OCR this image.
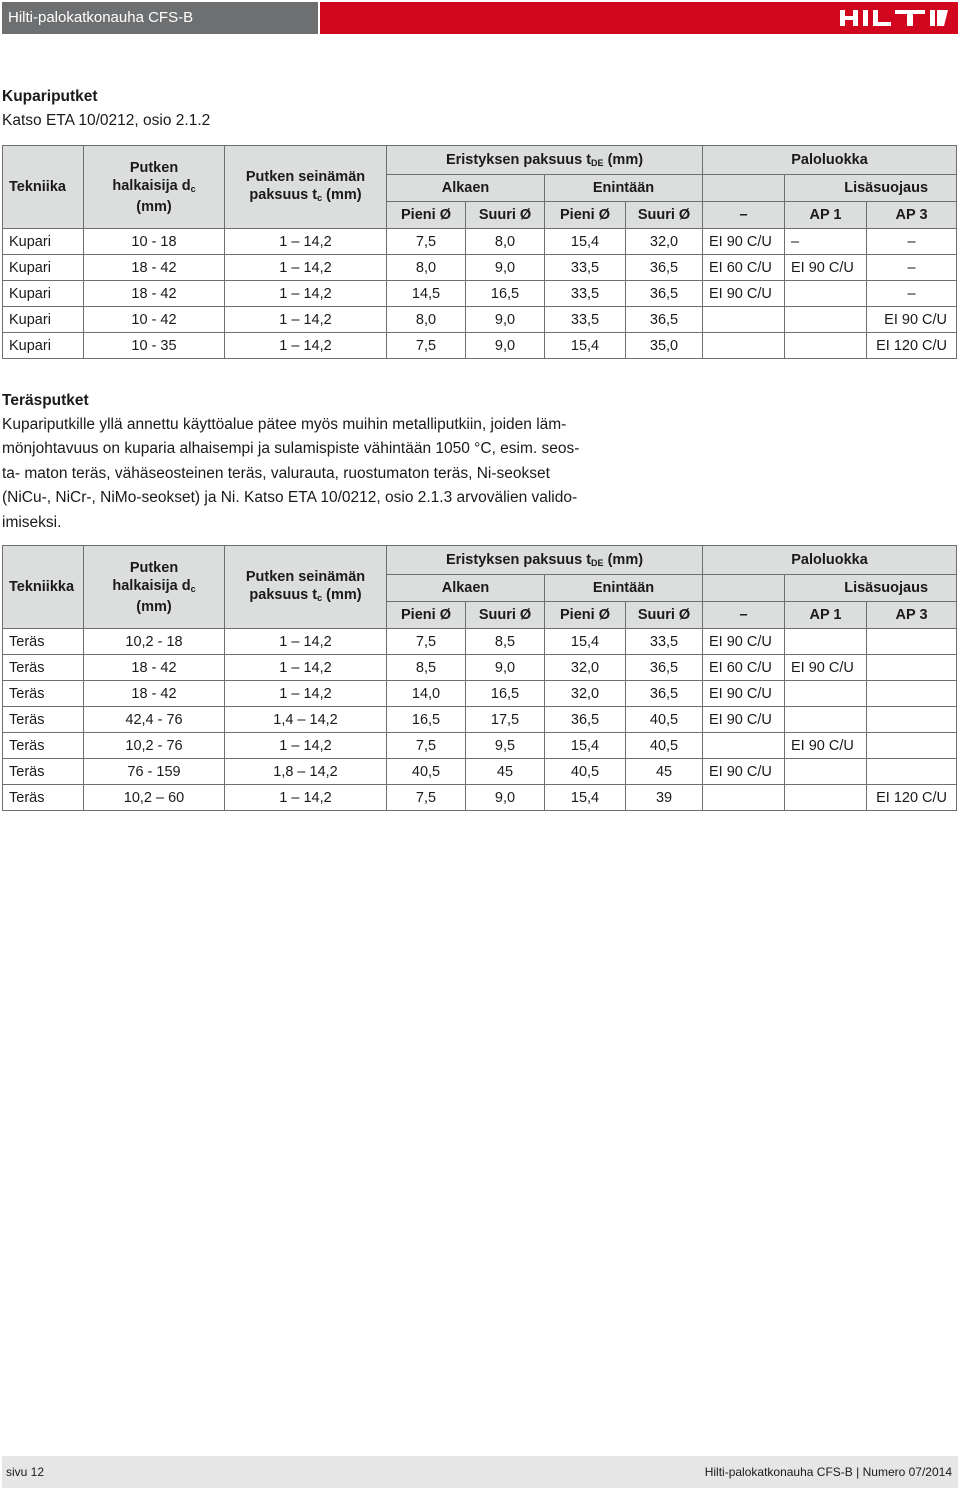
Hilti-palokatkonauha CFS-B
Kupariputket
Katso ETA 10/0212, osio 2.1.2
Tekniika	Putken
halkaisija $d_c$
(mm)	Putken seinämän
paksuus $t_c$ (mm)	Eristyksen paksuus $t_{DE}$ (mm)				Paloluokka		
			Alkaen		Enintään			Lisäsuojaus	
			Pieni Ø	Suuri Ø	Pieni Ø	Suuri Ø	–	AP 1	AP 3
Kupari	10 - 18	1 – 14,2	7,5	8,0	15,4	32,0	EI 90 C/U	–	–
Kupari	18 - 42	1 – 14,2	8,0	9,0	33,5	36,5	EI 60 C/U	EI 90 C/U	–
Kupari	18 - 42	1 – 14,2	14,5	16,5	33,5	36,5	EI 90 C/U		–
Kupari	10 - 42	1 – 14,2	8,0	9,0	33,5	36,5			EI 90 C/U
Kupari	10 - 35	1 – 14,2	7,5	9,0	15,4	35,0			EI 120 C/U
Teräsputket
Kupariputkille yllä annettu käyttöalue pätee myös muihin metalliputkiin, joiden läm-
mönjohtavuus on kuparia alhaisempi ja sulamispiste vähintään 1050 °C, esim. seos-
ta- maton teräs, vähäseosteinen teräs, valurauta, ruostumaton teräs, Ni-seokset
(NiCu-, NiCr-, NiMo-seokset) ja Ni. Katso ETA 10/0212, osio 2.1.3 arvovälien valido-
imiseksi.
Tekniikka	Putken
halkaisija $d_c$
(mm)	Putken seinämän
paksuus $t_c$ (mm)	Eristyksen paksuus $t_{DE}$ (mm)				Paloluokka		
			Alkaen		Enintään			Lisäsuojaus	
			Pieni Ø	Suuri Ø	Pieni Ø	Suuri Ø	–	AP 1	AP 3
Teräs	10,2 - 18	1 – 14,2	7,5	8,5	15,4	33,5	EI 90 C/U		
Teräs	18 - 42	1 – 14,2	8,5	9,0	32,0	36,5	EI 60 C/U	EI 90 C/U	
Teräs	18 - 42	1 – 14,2	14,0	16,5	32,0	36,5	EI 90 C/U		
Teräs	42,4 - 76	1,4 – 14,2	16,5	17,5	36,5	40,5	EI 90 C/U		
Teräs	10,2 - 76	1 – 14,2	7,5	9,5	15,4	40,5		EI 90 C/U	
Teräs	76 - 159	1,8 – 14,2	40,5	45	40,5	45	EI 90 C/U		
Teräs	10,2 – 60	1 – 14,2	7,5	9,0	15,4	39			EI 120 C/U
sivu 12	Hilti-palokatkonauha CFS-B | Numero 07/2014
